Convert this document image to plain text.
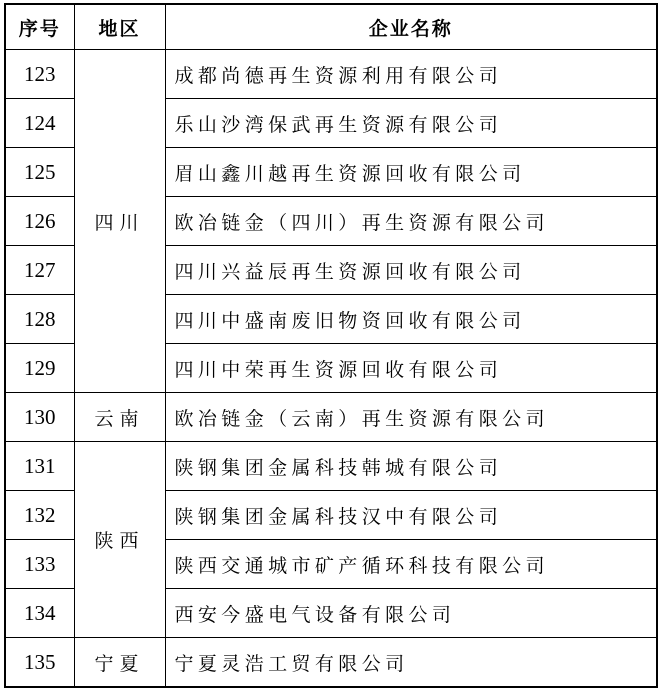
序号	地区	企业名称
123	四川	成都尚德再生资源利用有限公司
124		乐山沙湾保武再生资源有限公司
125		眉山鑫川越再生资源回收有限公司
126		欧冶链金（四川）再生资源有限公司
127		四川兴益辰再生资源回收有限公司
128		四川中盛南废旧物资回收有限公司
129		四川中荣再生资源回收有限公司
130	云南	欧冶链金（云南）再生资源有限公司
131	陕西	陕钢集团金属科技韩城有限公司
132		陕钢集团金属科技汉中有限公司
133		陕西交通城市矿产循环科技有限公司
134		西安今盛电气设备有限公司
135	宁夏	宁夏灵浩工贸有限公司
